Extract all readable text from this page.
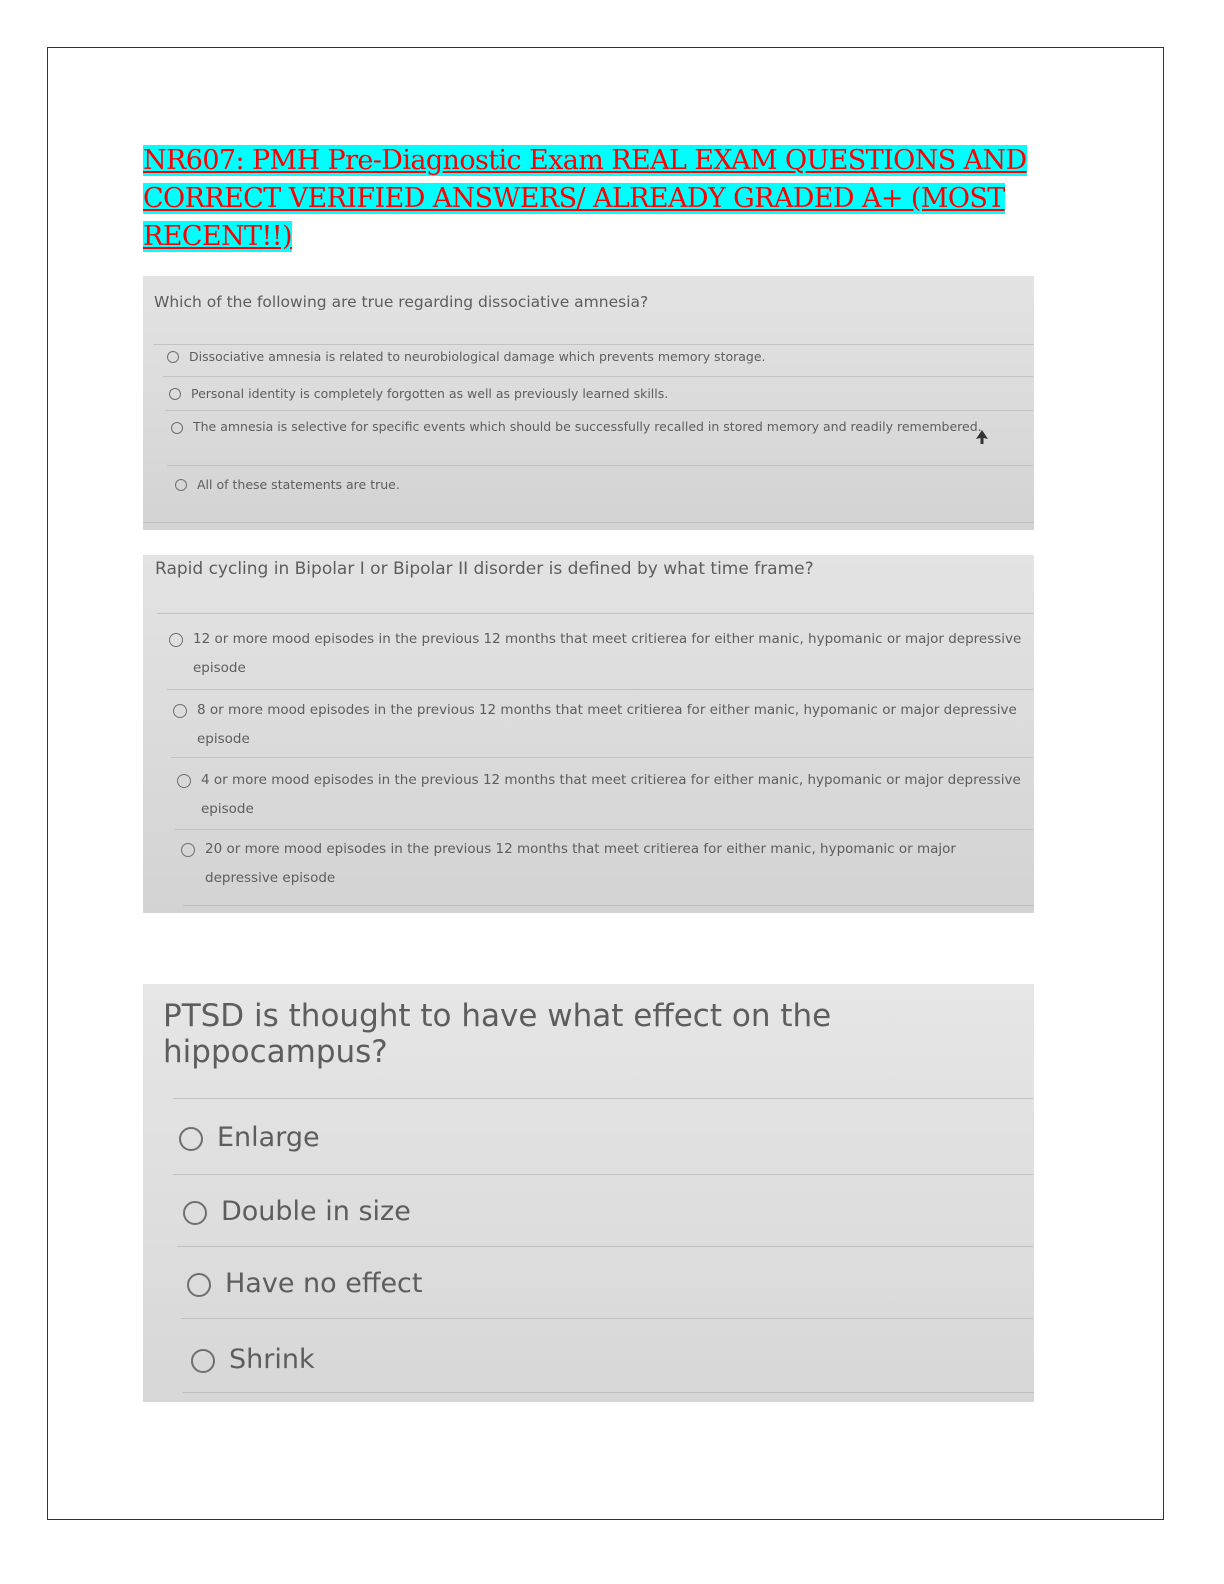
NR607: PMH Pre-Diagnostic Exam REAL EXAM QUESTIONS AND CORRECT VERIFIED ANSWERS/ ALREADY GRADED A+ (MOST RECENT!!)

Which of the following are true regarding dissociative amnesia?

Dissociative amnesia is related to neurobiological damage which prevents memory storage.
Personal identity is completely forgotten as well as previously learned skills.
The amnesia is selective for specific events which should be successfully recalled in stored memory and readily remembered.
All of these statements are true.

Rapid cycling in Bipolar I or Bipolar II disorder is defined by what time frame?

12 or more mood episodes in the previous 12 months that meet critierea for either manic, hypomanic or major depressive episode
8 or more mood episodes in the previous 12 months that meet critierea for either manic, hypomanic or major depressive episode
4 or more mood episodes in the previous 12 months that meet critierea for either manic, hypomanic or major depressive episode
20 or more mood episodes in the previous 12 months that meet critierea for either manic, hypomanic or major depressive episode

PTSD is thought to have what effect on the hippocampus?

Enlarge
Double in size
Have no effect
Shrink
